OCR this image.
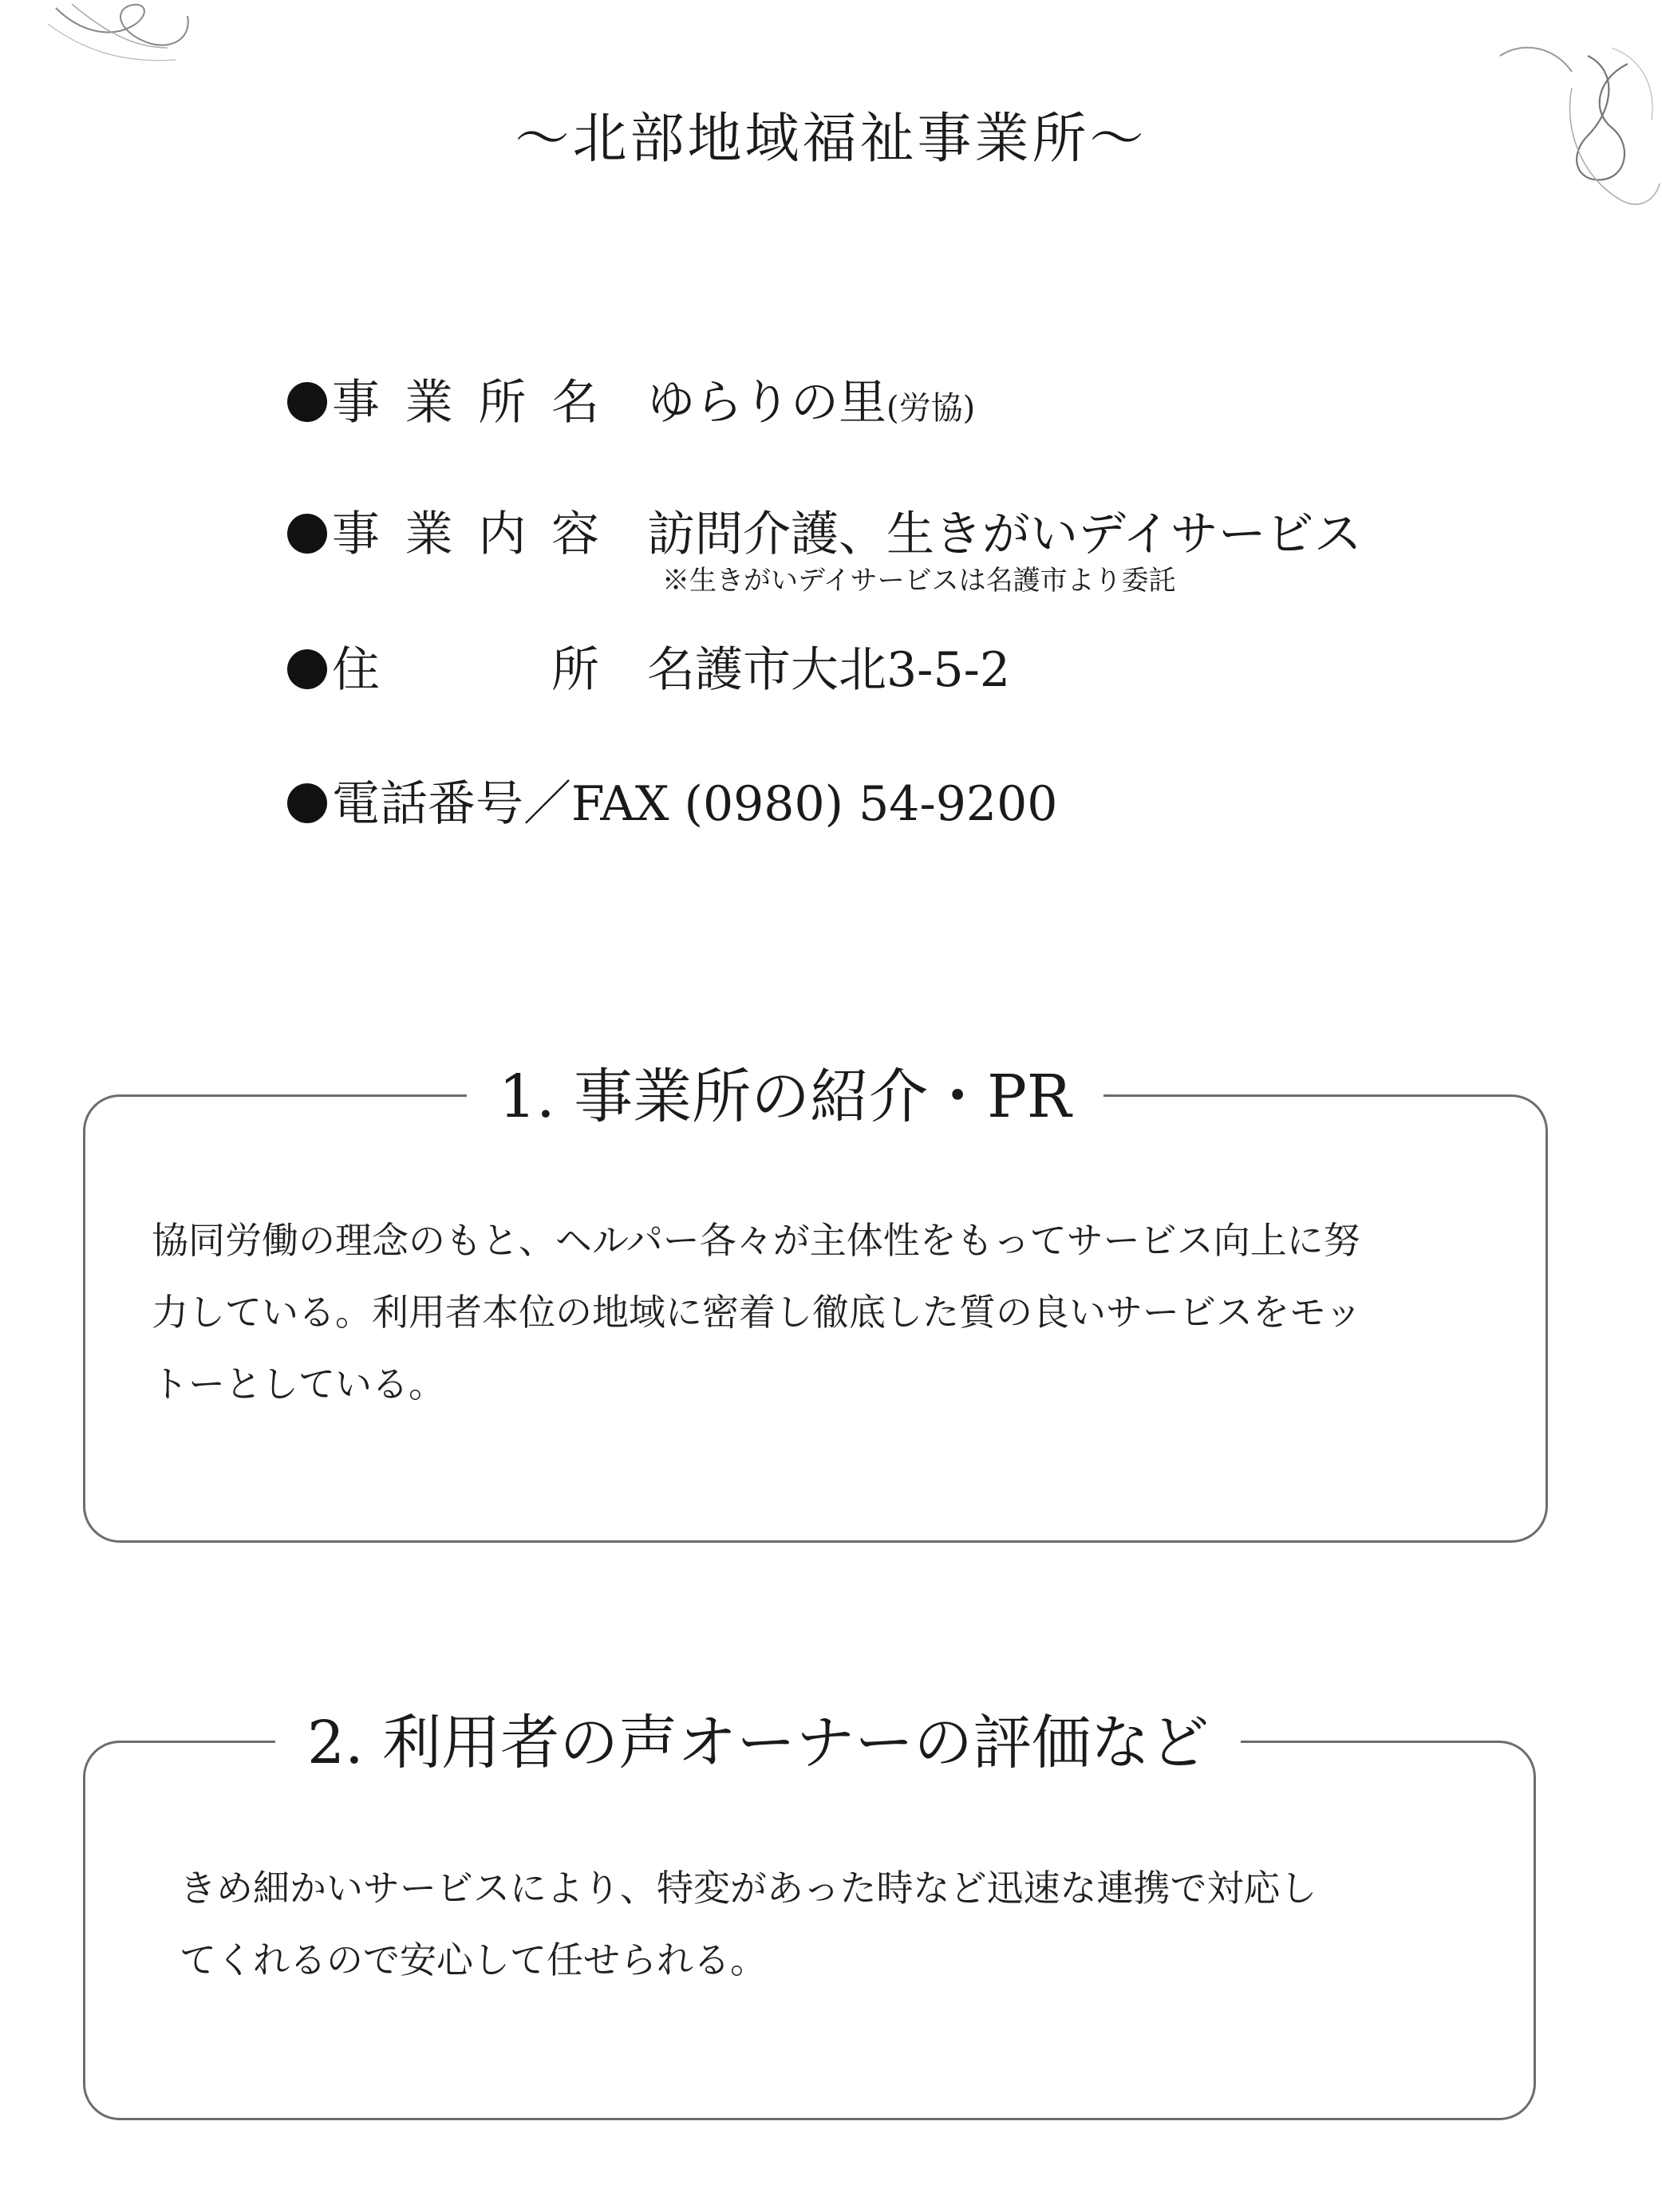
～北部地域福祉事業所～
事業所名 ゆらりの里(労協)
事業内容 訪問介護、生きがいデイサービス
※生きがいデイサービスは名護市より委託
住　　所 名護市大北3-5-2
電話番号／FAX (0980) 54-9200
1. 事業所の紹介・PR
協同労働の理念のもと、ヘルパー各々が主体性をもってサービス向上に努
力している。利用者本位の地域に密着し徹底した質の良いサービスをモッ
トーとしている。
2. 利用者の声オーナーの評価など
きめ細かいサービスにより、特変があった時など迅速な連携で対応し
てくれるので安心して任せられる。
